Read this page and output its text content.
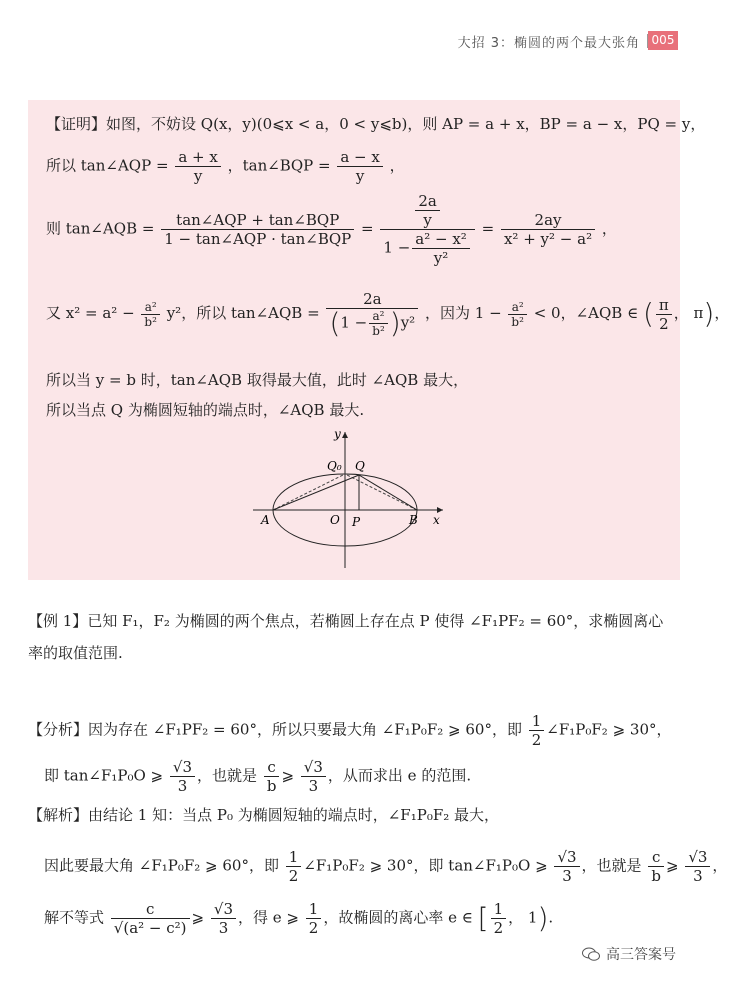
大招 3：椭圆的两个最大张角 005
【证明】如图，不妨设 Q(x，y)(0⩽x < a，0 < y⩽b)，则 AP = a + x，BP = a − x，PQ = y，
所以 tan∠AQP = $\frac{a + x}{y}$ ，tan∠BQP = $\frac{a - x}{y}$ ，
则 tan∠AQB = $\frac{\text{tan∠AQP + tan∠BQP}}{\text{1 − tan∠AQP · tan∠BQP}} = \frac{\frac{2a}{y}}{1 - \frac{\text{a² − x²}}{\text{y²}}} = \frac{2ay}{\text{x² + y² − a²}}$ ，
又 $x^2 = a^2 - \frac{\text{a²}}{\text{b²}} y^2$，所以 tan∠AQB = $\frac{2a}{(1 - \frac{\text{a²}}{\text{b²}} )y^2}$ ，因为 $1 - \frac{\text{a²}}{\text{b²}} < 0$，∠AQB ∈ ( $\frac{\pi}{2}$ ， π)，
所以当 y = b 时，tan∠AQB 取得最大值，此时 ∠AQB 最大，
所以当点 Q 为椭圆短轴的端点时，∠AQB 最大.
y
x
Q₀ Q
A	O P	B
【例 1】已知 F₁，F₂ 为椭圆的两个焦点，若椭圆上存在点 P 使得 ∠F₁PF₂ = 60°，求椭圆离心
率的取值范围.
【分析】因为存在 ∠F₁PF₂ = 60°，所以只要最大角 ∠F₁P₀F₂ ⩾ 60°，即 $\frac{1}{2}$ ∠F₁P₀F₂ ⩾ 30°，
即 tan∠F₁P₀O ⩾ $\frac{√3}{3}$ ，也就是 $\frac{c}{b}$ ⩾ $\frac{√3}{3}$ ，从而求出 e 的范围.
【解析】由结论 1 知：当点 P₀ 为椭圆短轴的端点时，∠F₁P₀F₂ 最大，
因此要最大角 ∠F₁P₀F₂ ⩾ 60°，即 $\frac{1}{2}$ ∠F₁P₀F₂ ⩾ 30°，即 tan∠F₁P₀O ⩾ $\frac{√3}{3}$ ，也就是 $\frac{c}{b}$ ⩾ $\frac{√3}{3}$ ，
解不等式 $\frac{c}{\text{√(a² − c²)}}$ ⩾ $\frac{√3}{3}$ ，得 e ⩾ $\frac{1}{2}$ ，故椭圆的离心率 e ∈ [ $\frac{1}{2}$ ， 1).
高三答案号
